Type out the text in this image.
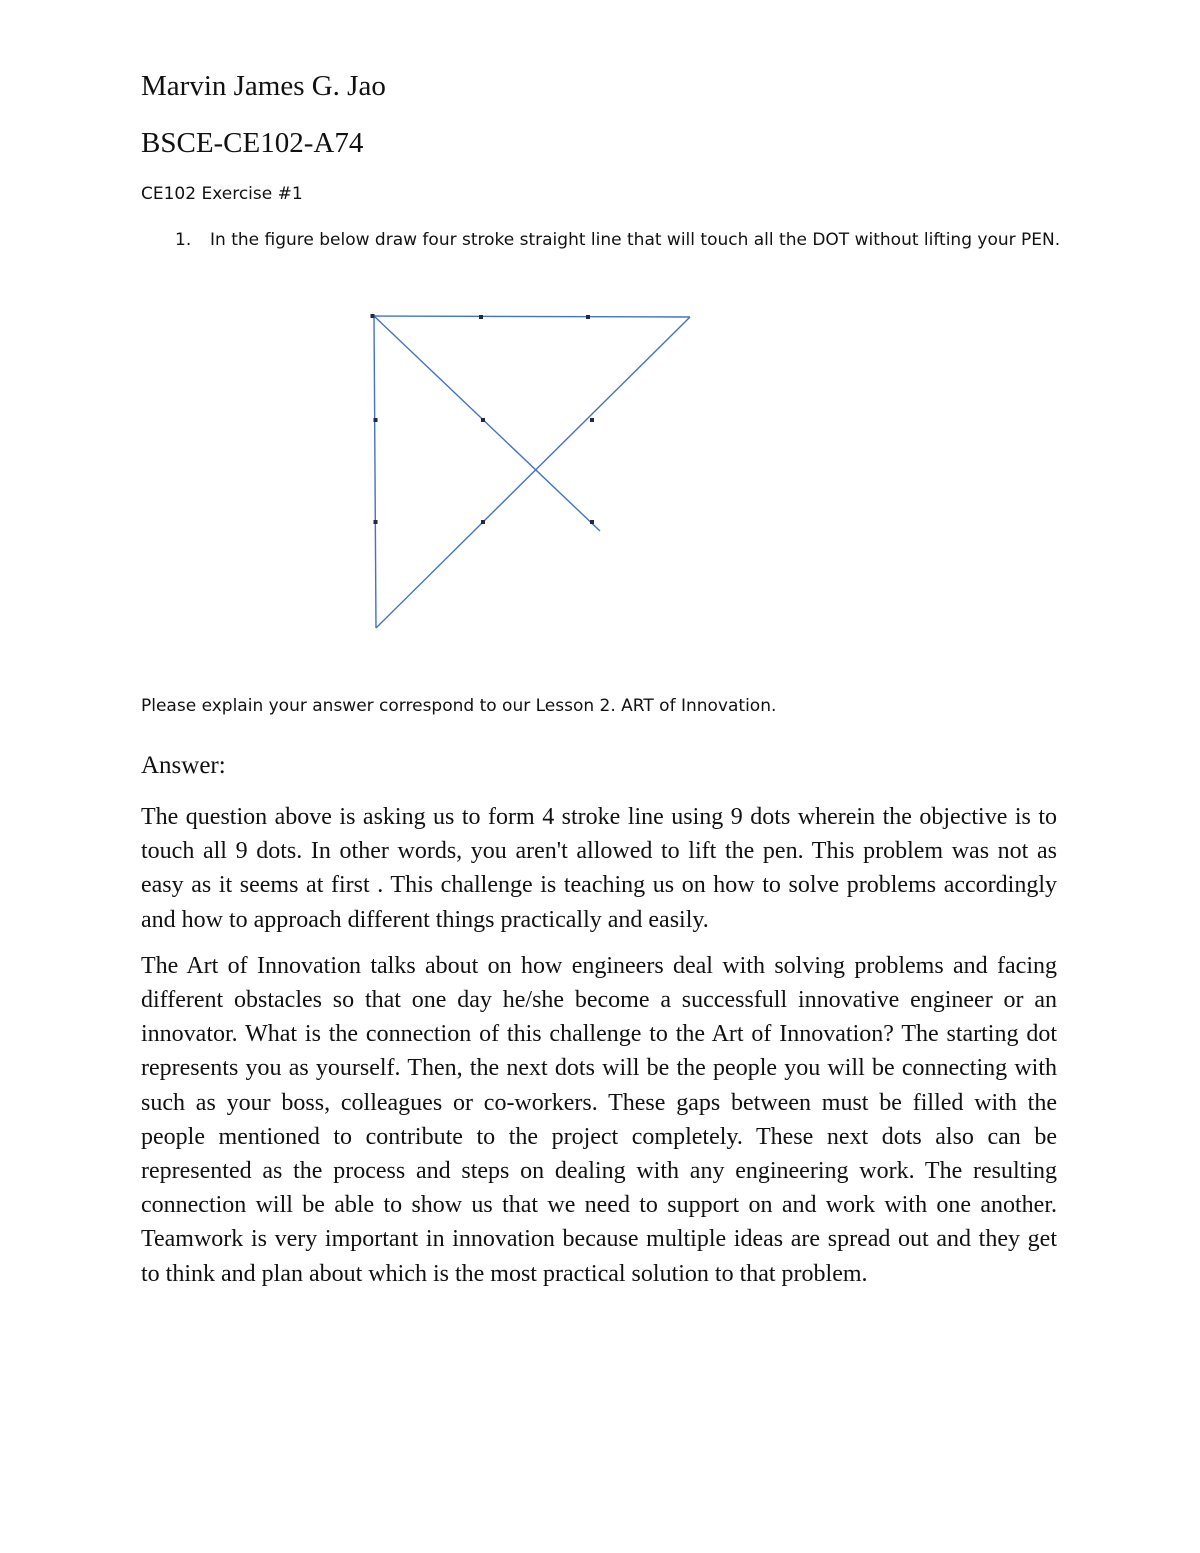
Marvin James G. Jao
BSCE-CE102-A74
CE102 Exercise #1
1. In the figure below draw four stroke straight line that will touch all the DOT without lifting your PEN.
Please explain your answer correspond to our Lesson 2. ART of Innovation.
Answer:

The question above is asking us to form 4 stroke line using 9 dots wherein the objective is to touch all 9 dots. In other words, you aren't allowed to lift the pen. This problem was not as easy as it seems at first . This challenge is teaching us on how to solve problems accordingly and how to approach different things practically and easily.

The Art of Innovation talks about on how engineers deal with solving problems and facing different obstacles so that one day he/she become a successfull innovative engineer or an innovator. What is the connection of this challenge to the Art of Innovation? The starting dot represents you as yourself. Then, the next dots will be the people you will be connecting with such as your boss, colleagues or co-workers. These gaps between must be filled with the people mentioned to contribute to the project completely. These next dots also can be represented as the process and steps on dealing with any engineering work. The resulting connection will be able to show us that we need to support on and work with one another. Teamwork is very important in innovation because multiple ideas are spread out and they get to think and plan about which is the most practical solution to that problem.
